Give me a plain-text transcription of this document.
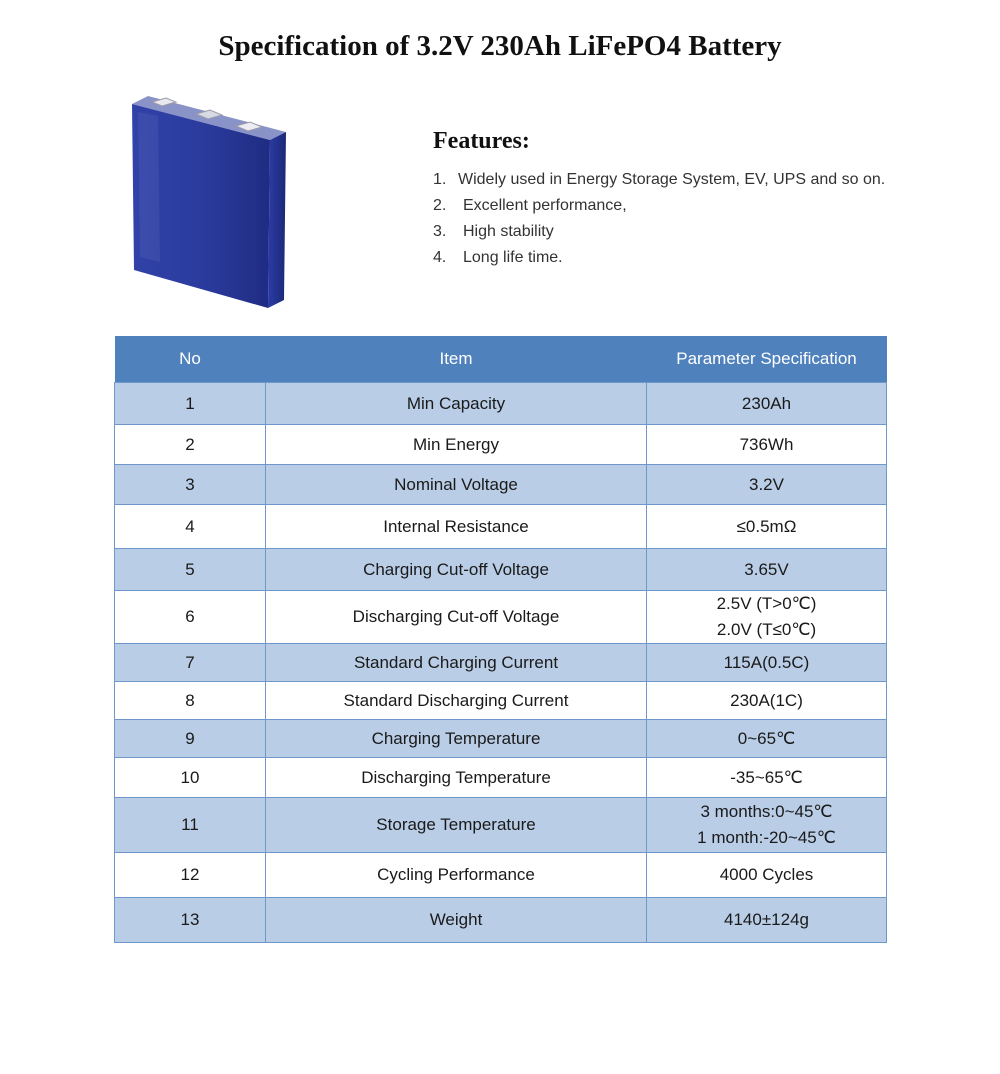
Specification of 3.2V 230Ah LiFePO4 Battery
Features:
1. Widely used in Energy Storage System, EV, UPS and so on.
2. Excellent performance,
3. High stability
4. Long life time.
No	Item	Parameter Specification
1	Min Capacity	230Ah

2	Min Energy	736Wh

3	Nominal Voltage	3.2V

4	Internal Resistance	≤0.5mΩ

5	Charging Cut-off Voltage	3.65V

6	Discharging Cut-off Voltage	2.5V (T>0℃)
2.0V (T≤0℃)

7	Standard Charging Current	115A(0.5C)

8	Standard Discharging Current	230A(1C)

9	Charging Temperature	0~65℃

10	Discharging Temperature	-35~65℃

11	Storage Temperature	3 months:0~45℃
1 month:-20~45℃

12	Cycling Performance	4000 Cycles

13	Weight	4140±124g
